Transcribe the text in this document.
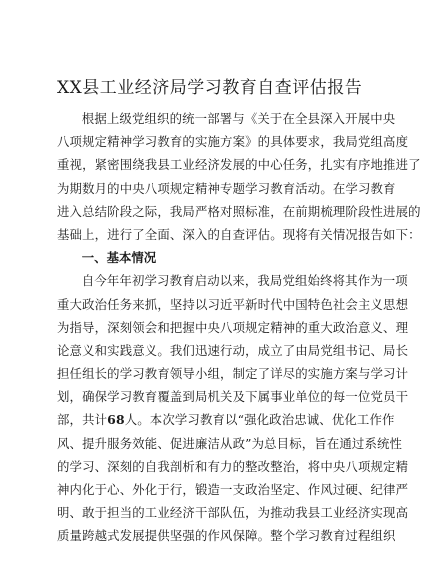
XX县工业经济局学习教育自查评估报告
根据上级党组织的统一部署与《关于在全县深入开展中央
八项规定精神学习教育的实施方案》的具体要求，我局党组高度
重视，紧密围绕我县工业经济发展的中心任务，扎实有序地推进了
为期数月的中央八项规定精神专题学习教育活动。在学习教育
进入总结阶段之际，我局严格对照标准，在前期梳理阶段性进展的
基础上，进行了全面、深入的自查评估。现将有关情况报告如下：
一、基本情况
自今年年初学习教育启动以来，我局党组始终将其作为一项
重大政治任务来抓，坚持以习近平新时代中国特色社会主义思想
为指导，深刻领会和把握中央八项规定精神的重大政治意义、理
论意义和实践意义。我们迅速行动，成立了由局党组书记、局长
担任组长的学习教育领导小组，制定了详尽的实施方案与学习计
划，确保学习教育覆盖到局机关及下属事业单位的每一位党员干
部，共计68人。本次学习教育以“强化政治忠诚、优化工作作
风、提升服务效能、促进廉洁从政”为总目标，旨在通过系统性
的学习、深刻的自我剖析和有力的整改整治，将中央八项规定精
神内化于心、外化于行，锻造一支政治坚定、作风过硬、纪律严
明、敢于担当的工业经济干部队伍，为推动我县工业经济实现高
质量跨越式发展提供坚强的作风保障。整个学习教育过程组织
